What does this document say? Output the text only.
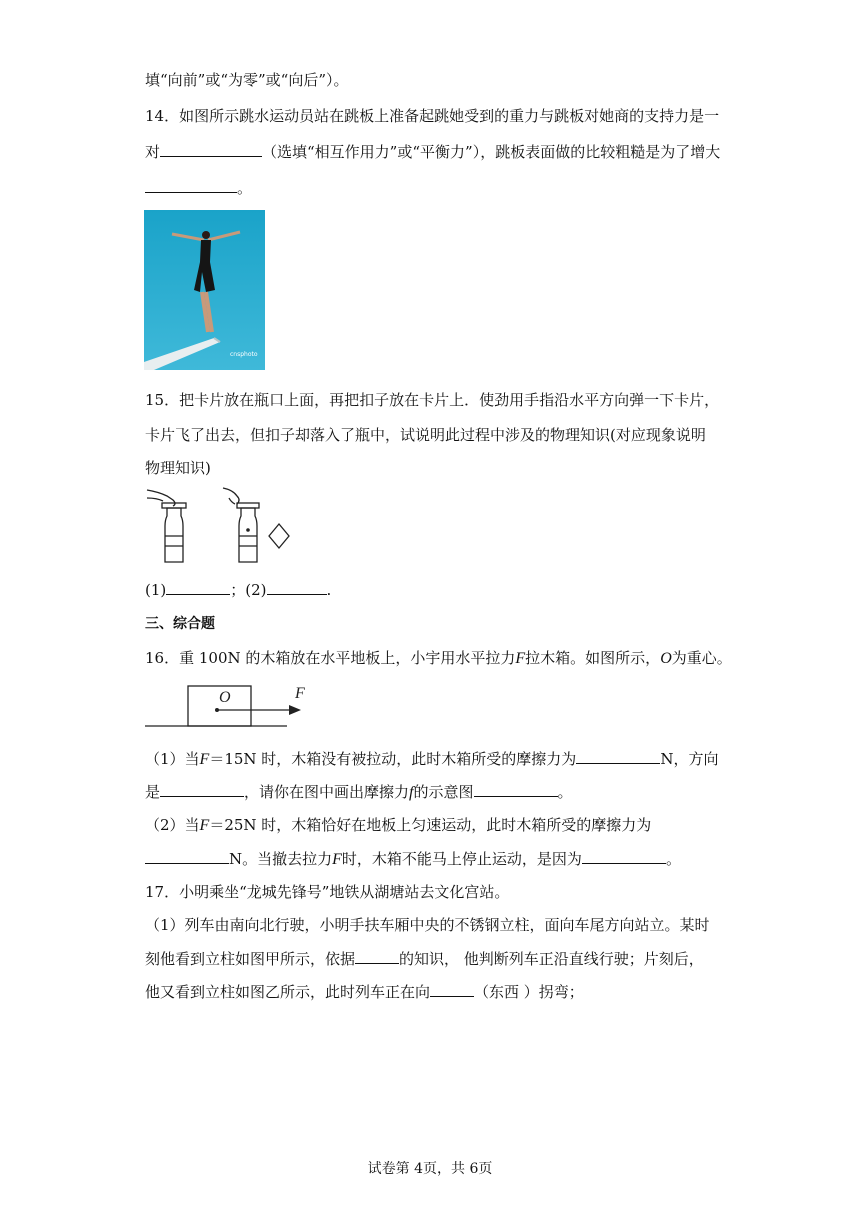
填“向前”或“为零”或“向后”）。
14．如图所示跳水运动员站在跳板上准备起跳她受到的重力与跳板对她商的支持力是一
对	（选填“相互作用力”或“平衡力”），跳板表面做的比较粗糙是为了增大
。
cnsphoto
15．把卡片放在瓶口上面，再把扣子放在卡片上．使劲用手指沿水平方向弹一下卡片，
卡片飞了出去，但扣子却落入了瓶中，试说明此过程中涉及的物理知识(对应现象说明
物理知识)
(1)	；(2)	.
三、综合题
16．重 100N 的木箱放在水平地板上，小宇用水平拉力F拉木箱。如图所示，O为重心。
O	F
（1）当F＝15N 时，木箱没有被拉动，此时木箱所受的摩擦力为	N，方向
是	，请你在图中画出摩擦力f的示意图	。
（2）当F＝25N 时，木箱恰好在地板上匀速运动，此时木箱所受的摩擦力为
N。当撤去拉力F时，木箱不能马上停止运动，是因为	。
17．小明乘坐“龙城先锋号”地铁从湖塘站去文化宫站。
（1）列车由南向北行驶，小明手扶车厢中央的不锈钢立柱，面向车尾方向站立。某时
刻他看到立柱如图甲所示，依据	的知识， 他判断列车正沿直线行驶；片刻后，
他又看到立柱如图乙所示，此时列车正在向	（东西 ）拐弯；
试卷第 4页，共 6页
